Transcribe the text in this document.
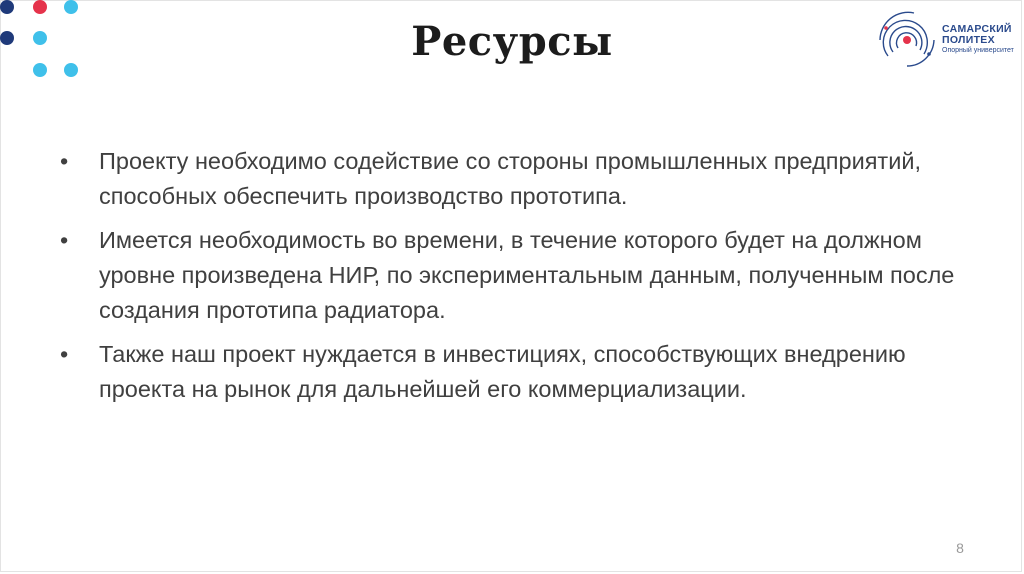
Ресурсы	САМАРСКИЙ
ПОЛИТЕХ
Опорный университет
• Проекту необходимо содействие со стороны промышленных предприятий, способных обеспечить производство прототипа.
• Имеется необходимость во времени, в течение которого будет на должном уровне произведена НИР, по экспериментальным данным, полученным после создания прототипа радиатора.
• Также наш проект нуждается в инвестициях, способствующих внедрению проекта на рынок для дальнейшей его коммерциализации.
8
